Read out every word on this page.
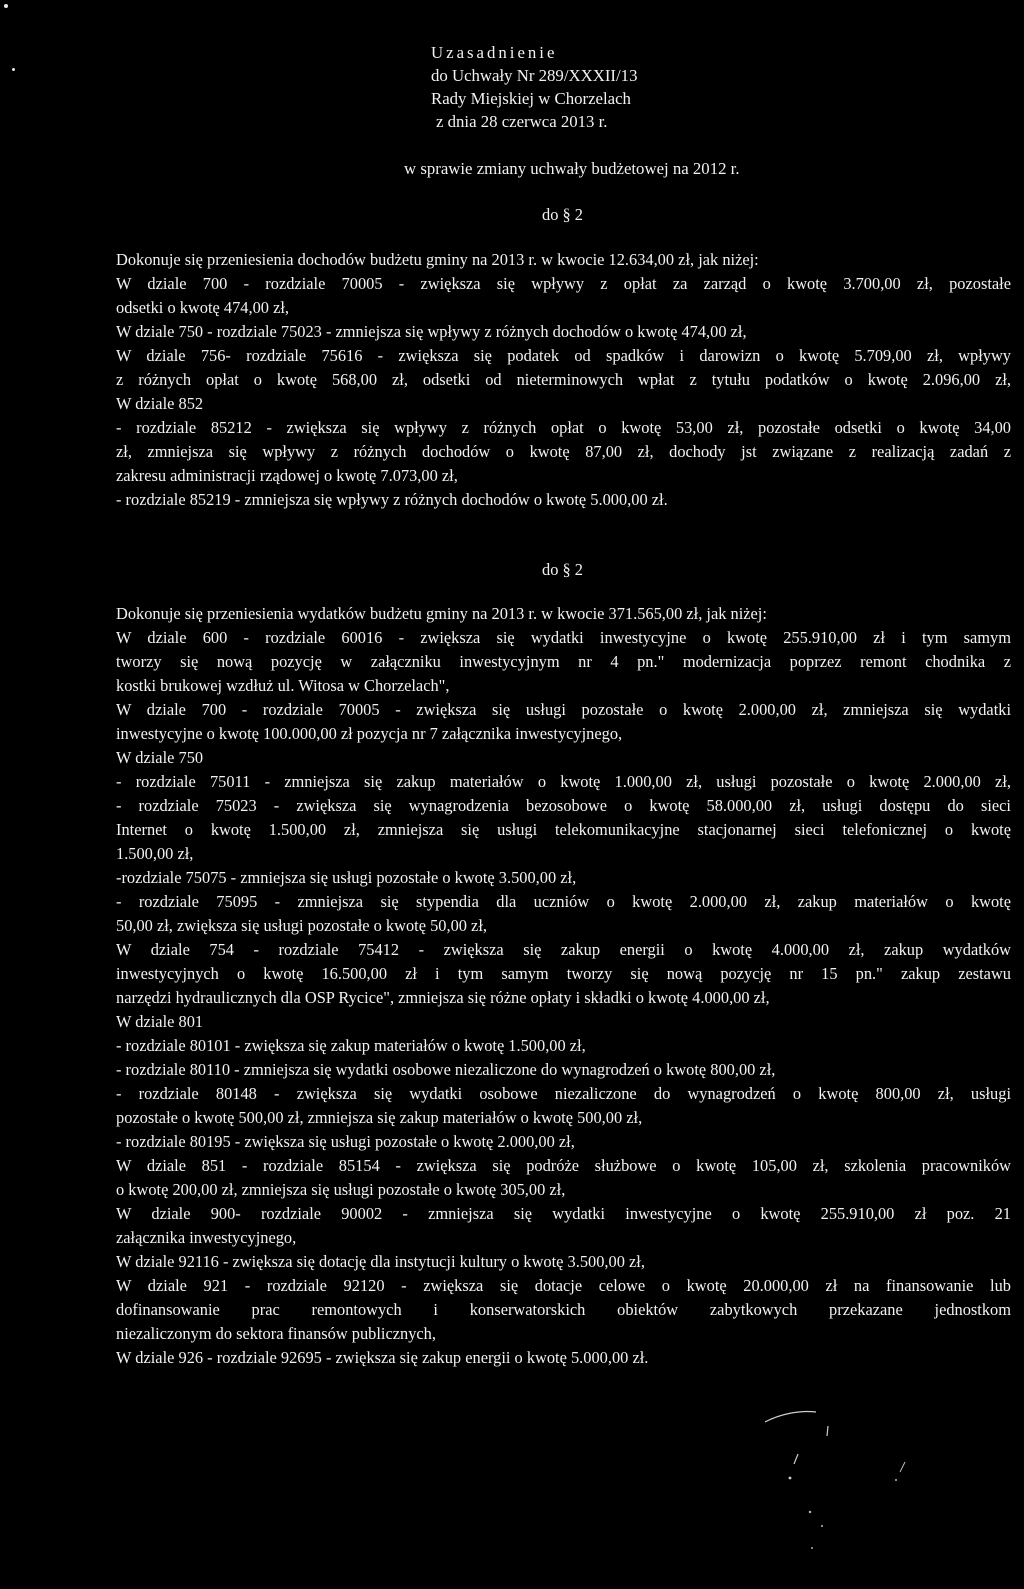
Uzasadnienie
do Uchwały Nr 289/XXXII/13
Rady Miejskiej w Chorzelach
z dnia 28 czerwca 2013 r.
w sprawie zmiany uchwały budżetowej na 2012 r.
do § 2
Dokonuje się przeniesienia dochodów budżetu gminy na 2013 r. w kwocie 12.634,00 zł, jak niżej:
W dziale 700 - rozdziale 70005 - zwiększa się wpływy z opłat za zarząd o kwotę 3.700,00 zł, pozostałe
odsetki o kwotę 474,00 zł,
W dziale 750 - rozdziale 75023 - zmniejsza się wpływy z różnych dochodów o kwotę 474,00 zł,
W dziale 756- rozdziale 75616 - zwiększa się podatek od spadków i darowizn o kwotę 5.709,00 zł, wpływy
z różnych opłat o kwotę 568,00 zł, odsetki od nieterminowych wpłat z tytułu podatków o kwotę 2.096,00 zł,
W dziale 852
- rozdziale 85212 - zwiększa się wpływy z różnych opłat o kwotę 53,00 zł, pozostałe odsetki o kwotę 34,00
zł, zmniejsza się wpływy z różnych dochodów o kwotę 87,00 zł, dochody jst związane z realizacją zadań z
zakresu administracji rządowej o kwotę 7.073,00 zł,
- rozdziale 85219 - zmniejsza się wpływy z różnych dochodów o kwotę 5.000,00 zł.
do § 2
Dokonuje się przeniesienia wydatków budżetu gminy na 2013 r. w kwocie 371.565,00 zł, jak niżej:
W dziale 600 - rozdziale 60016 - zwiększa się wydatki inwestycyjne o kwotę 255.910,00 zł i tym samym
tworzy się nową pozycję w załączniku inwestycyjnym nr 4 pn." modernizacja poprzez remont chodnika z
kostki brukowej wzdłuż ul. Witosa w Chorzelach",
W dziale 700 - rozdziale 70005 - zwiększa się usługi pozostałe o kwotę 2.000,00 zł, zmniejsza się wydatki
inwestycyjne o kwotę 100.000,00 zł pozycja nr 7 załącznika inwestycyjnego,
W dziale 750
- rozdziale 75011 - zmniejsza się zakup materiałów o kwotę 1.000,00 zł, usługi pozostałe o kwotę 2.000,00 zł,
- rozdziale 75023 - zwiększa się wynagrodzenia bezosobowe o kwotę 58.000,00 zł, usługi dostępu do sieci
Internet o kwotę 1.500,00 zł, zmniejsza się usługi telekomunikacyjne stacjonarnej sieci telefonicznej o kwotę
1.500,00 zł,
-rozdziale 75075 - zmniejsza się usługi pozostałe o kwotę 3.500,00 zł,
- rozdziale 75095 - zmniejsza się stypendia dla uczniów o kwotę 2.000,00 zł, zakup materiałów o kwotę
50,00 zł, zwiększa się usługi pozostałe o kwotę 50,00 zł,
W dziale 754 - rozdziale 75412 - zwiększa się zakup energii o kwotę 4.000,00 zł, zakup wydatków
inwestycyjnych o kwotę 16.500,00 zł i tym samym tworzy się nową pozycję nr 15 pn." zakup zestawu
narzędzi hydraulicznych dla OSP Rycice", zmniejsza się różne opłaty i składki o kwotę 4.000,00 zł,
W dziale 801
- rozdziale 80101 - zwiększa się zakup materiałów o kwotę 1.500,00 zł,
- rozdziale 80110 - zmniejsza się wydatki osobowe niezaliczone do wynagrodzeń o kwotę 800,00 zł,
- rozdziale 80148 - zwiększa się wydatki osobowe niezaliczone do wynagrodzeń o kwotę 800,00 zł, usługi
pozostałe o kwotę 500,00 zł, zmniejsza się zakup materiałów o kwotę 500,00 zł,
- rozdziale 80195 - zwiększa się usługi pozostałe o kwotę 2.000,00 zł,
W dziale 851 - rozdziale 85154 - zwiększa się podróże służbowe o kwotę 105,00 zł, szkolenia pracowników
o kwotę 200,00 zł, zmniejsza się usługi pozostałe o kwotę 305,00 zł,
W dziale 900- rozdziale 90002 - zmniejsza się wydatki inwestycyjne o kwotę 255.910,00 zł poz. 21
załącznika inwestycyjnego,
W dziale 92116 - zwiększa się dotację dla instytucji kultury o kwotę 3.500,00 zł,
W dziale 921 - rozdziale 92120 - zwiększa się dotacje celowe o kwotę 20.000,00 zł na finansowanie lub
dofinansowanie prac remontowych i konserwatorskich obiektów zabytkowych przekazane jednostkom
niezaliczonym do sektora finansów publicznych,
W dziale 926 - rozdziale 92695 - zwiększa się zakup energii o kwotę 5.000,00 zł.
